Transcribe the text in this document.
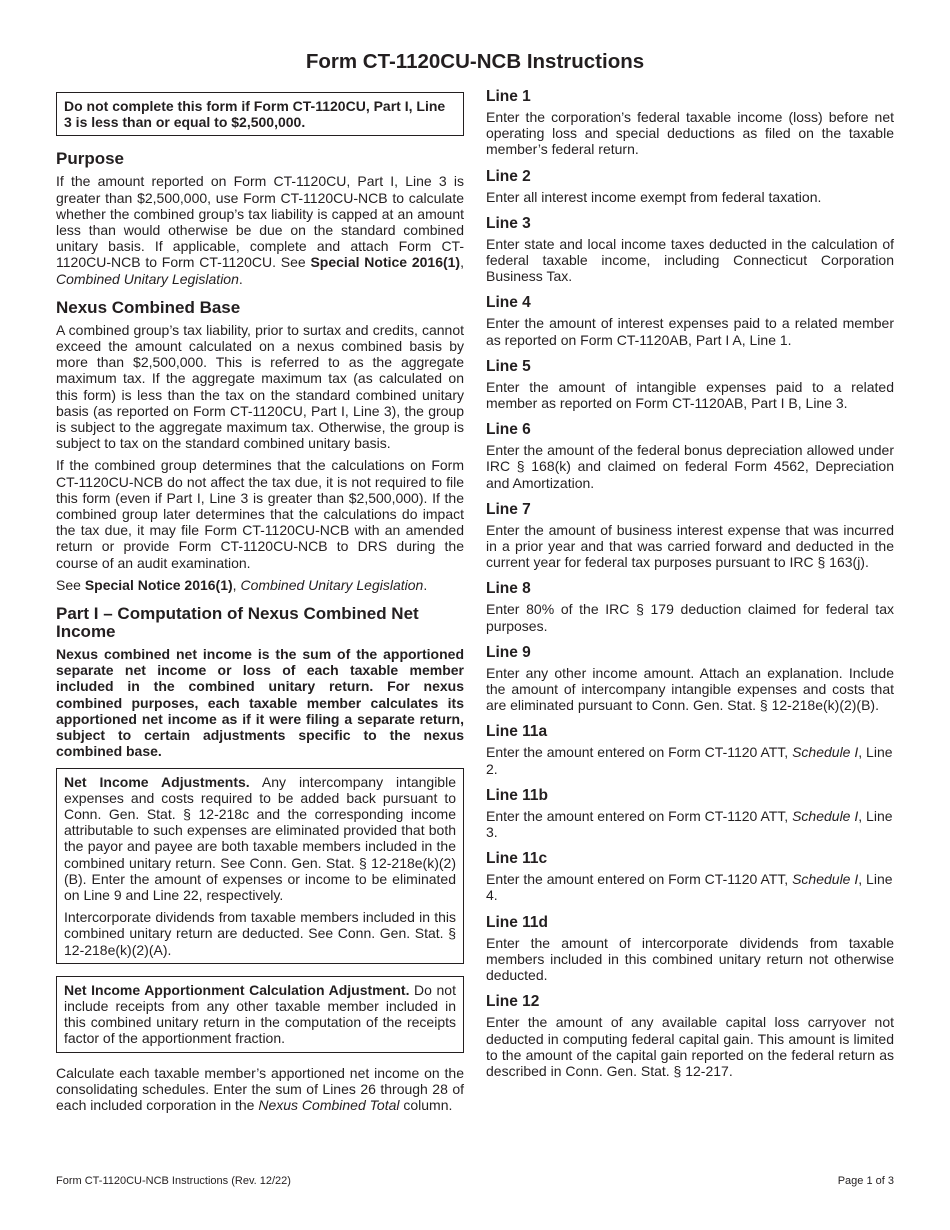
Form CT-1120CU-NCB Instructions

Do not complete this form if Form CT-1120CU, Part I, Line 3 is less than or equal to $2,500,000.

Purpose

If the amount reported on Form CT-1120CU, Part I, Line 3 is greater than $2,500,000, use Form CT-1120CU-NCB to calculate whether the combined group’s tax liability is capped at an amount less than would otherwise be due on the standard combined unitary basis. If applicable, complete and attach Form CT-1120CU-NCB to Form CT-1120CU. See Special Notice 2016(1), Combined Unitary Legislation.

Nexus Combined Base

A combined group’s tax liability, prior to surtax and credits, cannot exceed the amount calculated on a nexus combined basis by more than $2,500,000. This is referred to as the aggregate maximum tax. If the aggregate maximum tax (as calculated on this form) is less than the tax on the standard combined unitary basis (as reported on Form CT-1120CU, Part I, Line 3), the group is subject to the aggregate maximum tax. Otherwise, the group is subject to tax on the standard combined unitary basis.

If the combined group determines that the calculations on Form CT-1120CU-NCB do not affect the tax due, it is not required to file this form (even if Part I, Line 3 is greater than $2,500,000). If the combined group later determines that the calculations do impact the tax due, it may file Form CT-1120CU-NCB with an amended return or provide Form CT-1120CU-NCB to DRS during the course of an audit examination.

See Special Notice 2016(1), Combined Unitary Legislation.

Part I – Computation of Nexus Combined Net Income

Nexus combined net income is the sum of the apportioned separate net income or loss of each taxable member included in the combined unitary return. For nexus combined purposes, each taxable member calculates its apportioned net income as if it were filing a separate return, subject to certain adjustments specific to the nexus combined base.

Net Income Adjustments. Any intercompany intangible expenses and costs required to be added back pursuant to Conn. Gen. Stat. § 12-218c and the corresponding income attributable to such expenses are eliminated provided that both the payor and payee are both taxable members included in the combined unitary return. See Conn. Gen. Stat. § 12-218e(k)(2)(B). Enter the amount of expenses or income to be eliminated on Line 9 and Line 22, respectively.

Intercorporate dividends from taxable members included in this combined unitary return are deducted. See Conn. Gen. Stat. § 12-218e(k)(2)(A).

Net Income Apportionment Calculation Adjustment. Do not include receipts from any other taxable member included in this combined unitary return in the computation of the receipts factor of the apportionment fraction.

Calculate each taxable member’s apportioned net income on the consolidating schedules. Enter the sum of Lines 26 through 28 of each included corporation in the Nexus Combined Total column.

Line 1

Enter the corporation’s federal taxable income (loss) before net operating loss and special deductions as filed on the taxable member’s federal return.

Line 2

Enter all interest income exempt from federal taxation.

Line 3

Enter state and local income taxes deducted in the calculation of federal taxable income, including Connecticut Corporation Business Tax.

Line 4

Enter the amount of interest expenses paid to a related member as reported on Form CT-1120AB, Part I A, Line 1.

Line 5

Enter the amount of intangible expenses paid to a related member as reported on Form CT-1120AB, Part I B, Line 3.

Line 6

Enter the amount of the federal bonus depreciation allowed under IRC § 168(k) and claimed on federal Form 4562, Depreciation and Amortization.

Line 7

Enter the amount of business interest expense that was incurred in a prior year and that was carried forward and deducted in the current year for federal tax purposes pursuant to IRC § 163(j).

Line 8

Enter 80% of the IRC § 179 deduction claimed for federal tax purposes.

Line 9

Enter any other income amount. Attach an explanation. Include the amount of intercompany intangible expenses and costs that are eliminated pursuant to Conn. Gen. Stat. § 12-218e(k)(2)(B).

Line 11a

Enter the amount entered on Form CT-1120 ATT, Schedule I, Line 2.

Line 11b

Enter the amount entered on Form CT-1120 ATT, Schedule I, Line 3.

Line 11c

Enter the amount entered on Form CT-1120 ATT, Schedule I, Line 4.

Line 11d

Enter the amount of intercorporate dividends from taxable members included in this combined unitary return not otherwise deducted.

Line 12

Enter the amount of any available capital loss carryover not deducted in computing federal capital gain. This amount is limited to the amount of the capital gain reported on the federal return as described in Conn. Gen. Stat. § 12-217.

Form CT-1120CU-NCB Instructions (Rev. 12/22)	Page 1 of 3
